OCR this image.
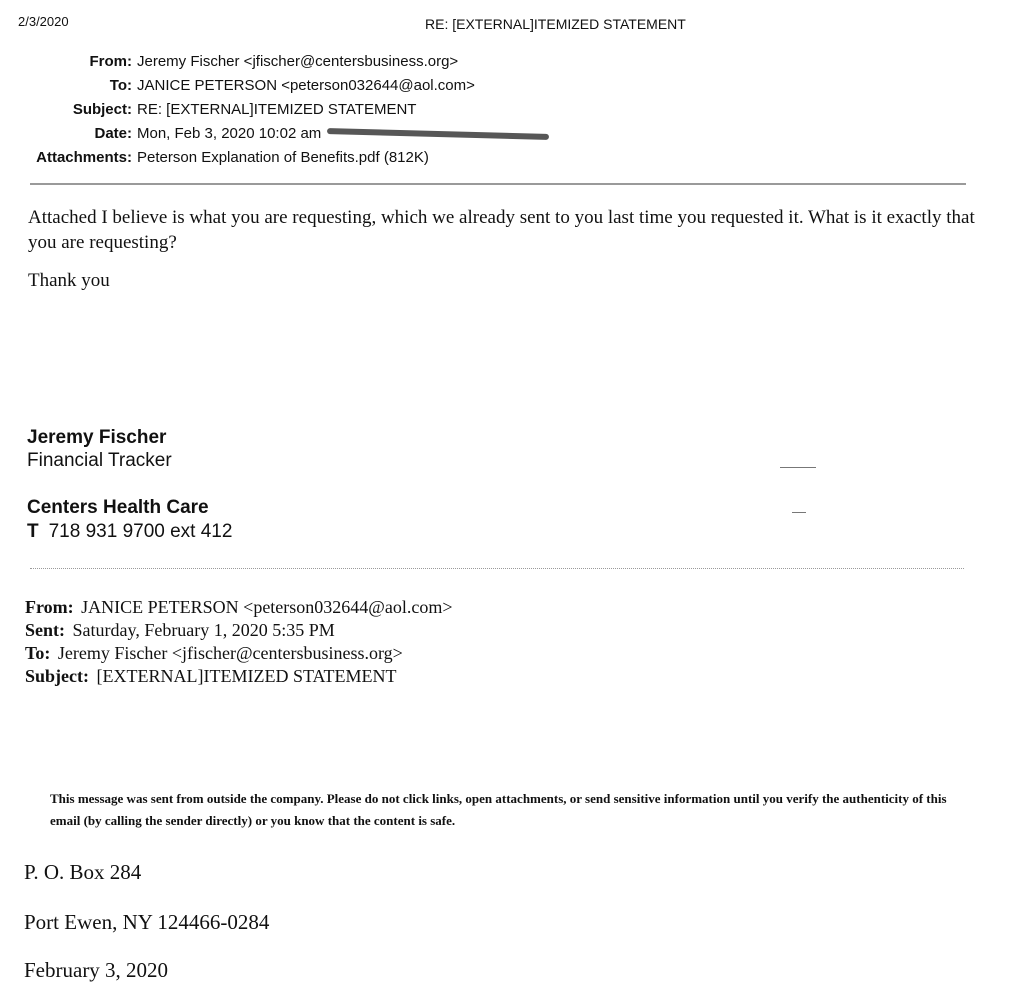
2/3/2020	RE: [EXTERNAL]ITEMIZED STATEMENT
From: Jeremy Fischer <jfischer@centersbusiness.org>
To: JANICE PETERSON <peterson032644@aol.com>
Subject: RE: [EXTERNAL]ITEMIZED STATEMENT
Date: Mon, Feb 3, 2020 10:02 am
Attachments: Peterson Explanation of Benefits.pdf (812K)
Attached I believe is what you are requesting, which we already sent to you last time you requested it. What is it exactly that you are requesting?
Thank you
Jeremy Fischer
Financial Tracker
Centers Health Care
T 718 931 9700 ext 412
From: JANICE PETERSON <peterson032644@aol.com>
Sent: Saturday, February 1, 2020 5:35 PM
To: Jeremy Fischer <jfischer@centersbusiness.org>
Subject: [EXTERNAL]ITEMIZED STATEMENT
This message was sent from outside the company. Please do not click links, open attachments, or send sensitive information until you verify the authenticity of this email (by calling the sender directly) or you know that the content is safe.
P. O. Box 284
Port Ewen, NY 124466-0284
February 3, 2020
